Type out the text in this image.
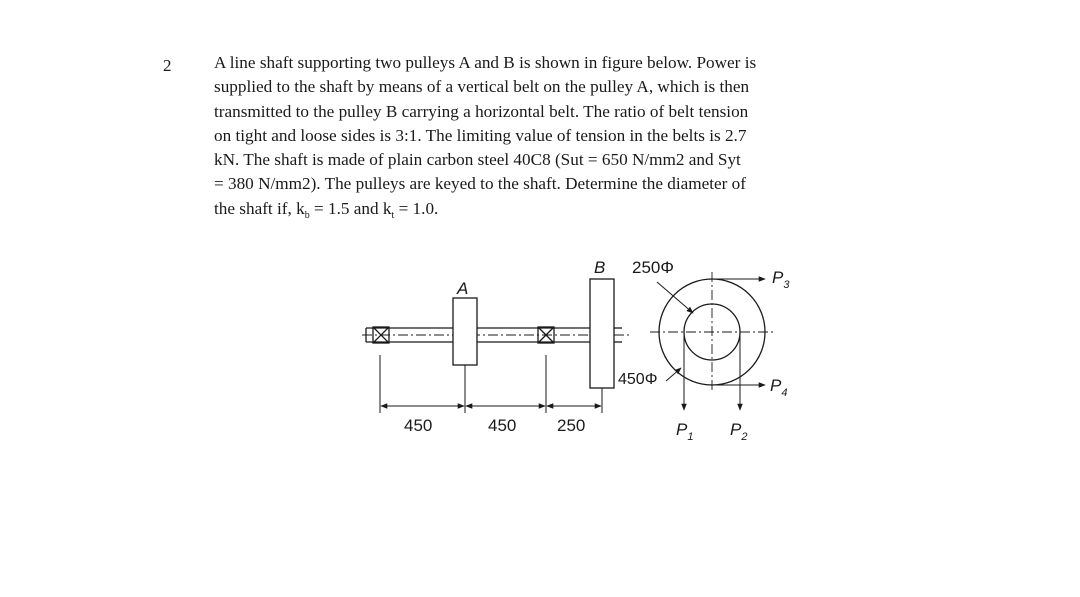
2 A line shaft supporting two pulleys A and B is shown in figure below. Power is
supplied to the shaft by means of a vertical belt on the pulley A, which is then
transmitted to the pulley B carrying a horizontal belt. The ratio of belt tension
on tight and loose sides is 3:1. The limiting value of tension in the belts is 2.7
kN. The shaft is made of plain carbon steel 40C8 (Sut = 650 N/mm2 and Syt
= 380 N/mm2). The pulleys are keyed to the shaft. Determine the diameter of
the shaft if, $k_b = 1.5$ and $k_t = 1.0$.
A
B 250Φ
450Φ
450	450 250
$P_3$
$P_4$
$P_1$ $P_2$
